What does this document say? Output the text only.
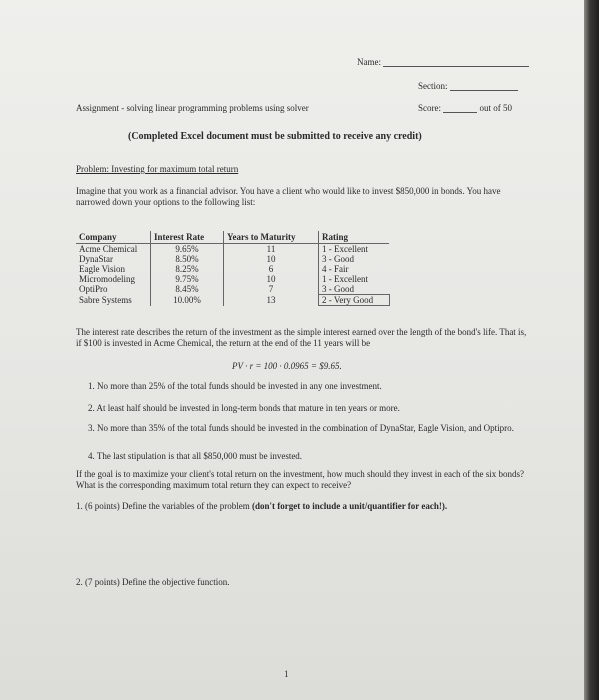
Name:
Section:
Assignment - solving linear programming problems using solver	Score:	out of 50
(Completed Excel document must be submitted to receive any credit)
Problem: Investing for maximum total return
Imagine that you work as a financial advisor. You have a client who would like to invest $850,000 in bonds. You have narrowed down your options to the following list:
Company	Interest Rate	Years to Maturity	Rating
Acme Chemical	9.65%	11	1 - Excellent
DynaStar	8.50%	10	3 - Good
Eagle Vision	8.25%	6	4 - Fair
Micromodeling	9.75%	10	1 - Excellent
OptiPro	8.45%	7	3 - Good
Sabre Systems	10.00%	13	2 - Very Good
The interest rate describes the return of the investment as the simple interest earned over the length of the bond's life. That is, if $100 is invested in Acme Chemical, the return at the end of the 11 years will be
PV · r = 100 · 0.0965 = $9.65.
1. No more than 25% of the total funds should be invested in any one investment.
2. At least half should be invested in long-term bonds that mature in ten years or more.
3. No more than 35% of the total funds should be invested in the combination of DynaStar, Eagle Vision, and Optipro.
4. The last stipulation is that all $850,000 must be invested.
If the goal is to maximize your client's total return on the investment, how much should they invest in each of the six bonds? What is the corresponding maximum total return they can expect to receive?
1. (6 points) Define the variables of the problem (don't forget to include a unit/quantifier for each!).
2. (7 points) Define the objective function.
1
